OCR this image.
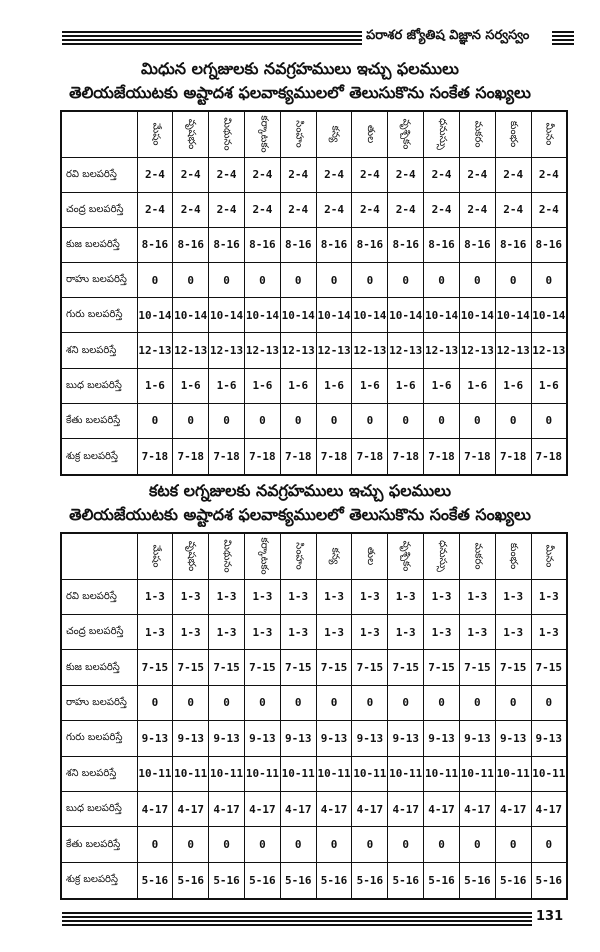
పరాశర జ్యోతిష విజ్ఞాన సర్వస్వం
మిధున లగ్నజులకు నవగ్రహములు ఇచ్చు ఫలములు
తెలియజేయుటకు అష్టాదశ ఫలవాక్యములలో తెలుసుకొను సంకేత సంఖ్యలు
	మేషం	వృషభం	మిథునం	కర్కాటకం	సింహం	కన్య	తుల	వృశ్చికం	ధనుస్సు	మకరం	కుంభం	మీనం
రవి బలపరిస్తే	2-4	2-4	2-4	2-4	2-4	2-4	2-4	2-4	2-4	2-4	2-4	2-4
చంద్ర బలపరిస్తే	2-4	2-4	2-4	2-4	2-4	2-4	2-4	2-4	2-4	2-4	2-4	2-4
కుజ బలపరిస్తే	8-16	8-16	8-16	8-16	8-16	8-16	8-16	8-16	8-16	8-16	8-16	8-16
రాహు బలపరిస్తే	0	0	0	0	0	0	0	0	0	0	0	0
గురు బలపరిస్తే	10-14	10-14	10-14	10-14	10-14	10-14	10-14	10-14	10-14	10-14	10-14	10-14
శని బలపరిస్తే	12-13	12-13	12-13	12-13	12-13	12-13	12-13	12-13	12-13	12-13	12-13	12-13
బుధ బలపరిస్తే	1-6	1-6	1-6	1-6	1-6	1-6	1-6	1-6	1-6	1-6	1-6	1-6
కేతు బలపరిస్తే	0	0	0	0	0	0	0	0	0	0	0	0
శుక్ర బలపరిస్తే	7-18	7-18	7-18	7-18	7-18	7-18	7-18	7-18	7-18	7-18	7-18	7-18
కటక లగ్నజులకు నవగ్రహములు ఇచ్చు ఫలములు
తెలియజేయుటకు అష్టాదశ ఫలవాక్యములలో తెలుసుకొను సంకేత సంఖ్యలు
	మేషం	వృషభం	మిథునం	కర్కాటకం	సింహం	కన్య	తుల	వృశ్చికం	ధనుస్సు	మకరం	కుంభం	మీనం
రవి బలపరిస్తే	1-3	1-3	1-3	1-3	1-3	1-3	1-3	1-3	1-3	1-3	1-3	1-3
చంద్ర బలపరిస్తే	1-3	1-3	1-3	1-3	1-3	1-3	1-3	1-3	1-3	1-3	1-3	1-3
కుజ బలపరిస్తే	7-15	7-15	7-15	7-15	7-15	7-15	7-15	7-15	7-15	7-15	7-15	7-15
రాహు బలపరిస్తే	0	0	0	0	0	0	0	0	0	0	0	0
గురు బలపరిస్తే	9-13	9-13	9-13	9-13	9-13	9-13	9-13	9-13	9-13	9-13	9-13	9-13
శని బలపరిస్తే	10-11	10-11	10-11	10-11	10-11	10-11	10-11	10-11	10-11	10-11	10-11	10-11
బుధ బలపరిస్తే	4-17	4-17	4-17	4-17	4-17	4-17	4-17	4-17	4-17	4-17	4-17	4-17
కేతు బలపరిస్తే	0	0	0	0	0	0	0	0	0	0	0	0
శుక్ర బలపరిస్తే	5-16	5-16	5-16	5-16	5-16	5-16	5-16	5-16	5-16	5-16	5-16	5-16
131
